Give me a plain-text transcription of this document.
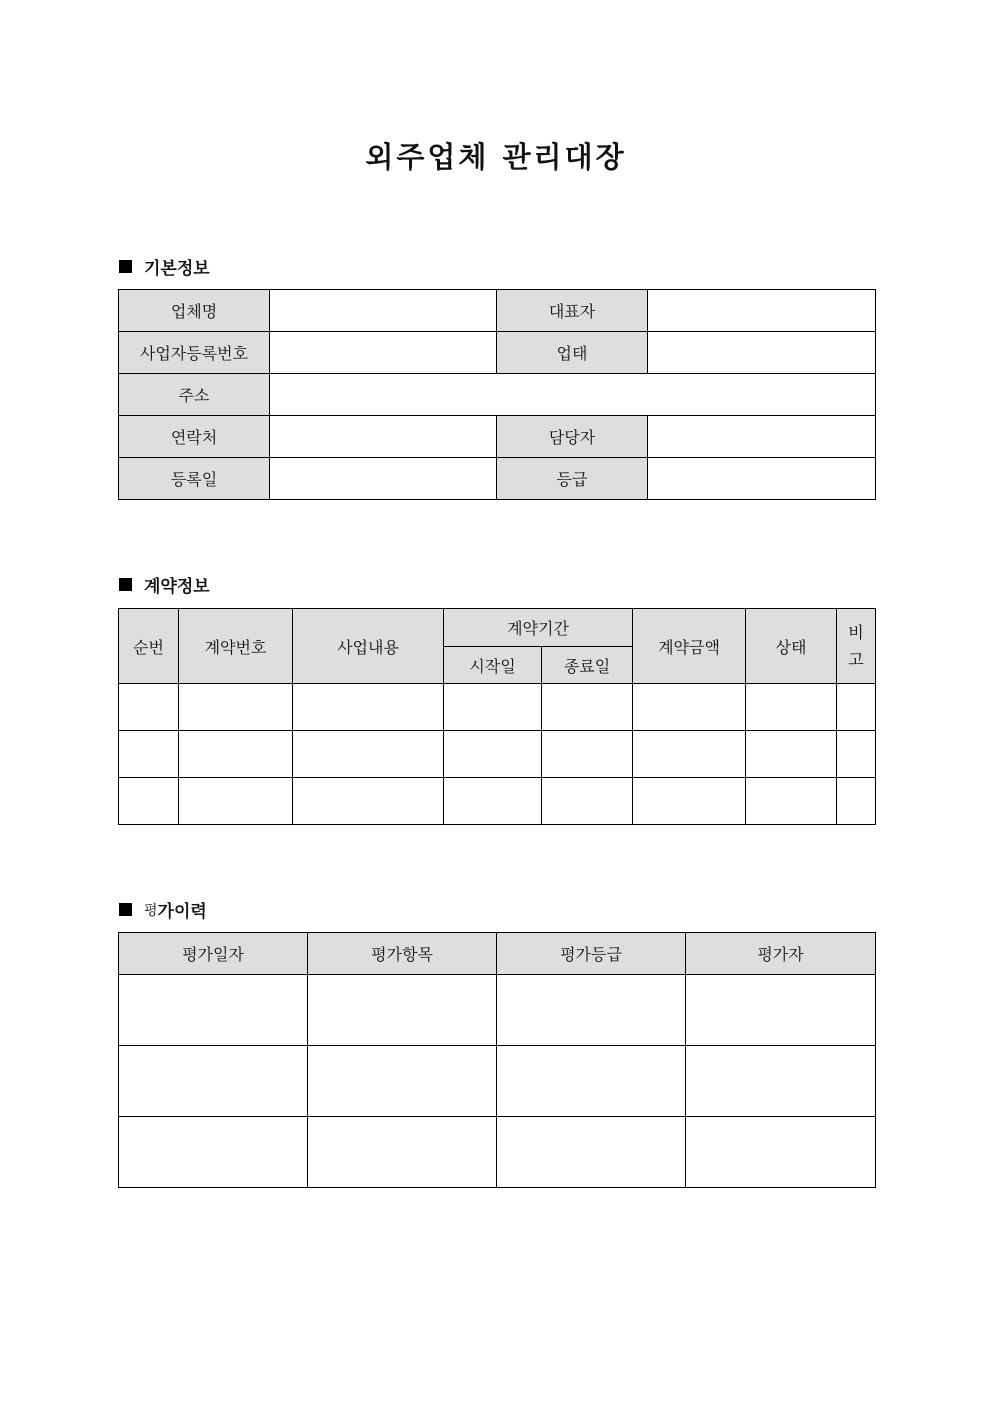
외주업체 관리대장
기본정보
업체명		대표자	
사업자등록번호		업태	
주소			
연락처		담당자	
등록일		등급	
계약정보
순번	계약번호	사업내용	계약기간		계약금액	상태	비
고
			시작일	종료일			

평 가이력
평가일자	평가항목	평가등급	평가자
